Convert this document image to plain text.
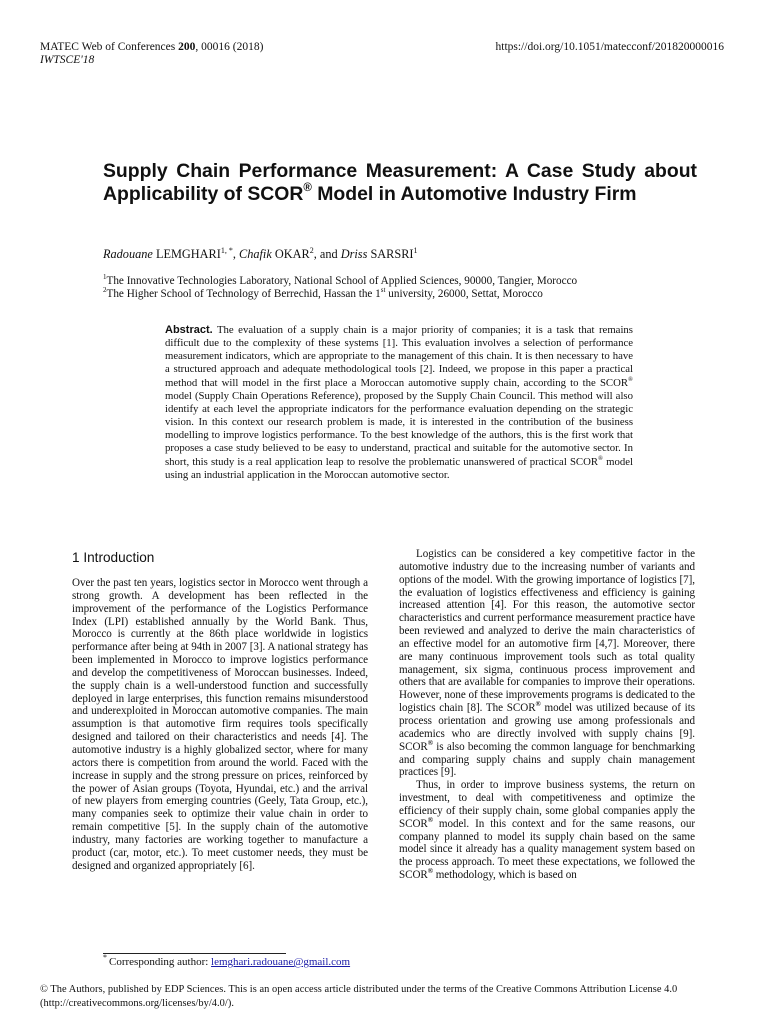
MATEC Web of Conferences 200, 00016 (2018)
IWTSCE'18
https://doi.org/10.1051/matecconf/201820000016
Supply Chain Performance Measurement: A Case Study about Applicability of SCOR® Model in Automotive Industry Firm
Radouane $LEMGHARI^{1, *}$, Chafik OKAR$^2$, and Driss SARSRI$^1$
$^1$The Innovative Technologies Laboratory, National School of Applied Sciences, 90000, Tangier, Morocco
$^2$The Higher School of Technology of Berrechid, Hassan the 1st university, 26000, Settat, Morocco

Abstract. The evaluation of a supply chain is a major priority of companies; it is a task that remains difficult due to the complexity of these systems [1]. This evaluation involves a selection of performance measurement indicators, which are appropriate to the management of this chain. It is then necessary to have a structured approach and adequate methodological tools [2]. Indeed, we propose in this paper a practical method that will model in the first place a Moroccan automotive supply chain, according to the SCOR® model (Supply Chain Operations Reference), proposed by the Supply Chain Council. This method will also identify at each level the appropriate indicators for the performance evaluation depending on the strategic vision. In this context our research problem is made, it is interested in the contribution of the business modelling to improve logistics performance. To the best knowledge of the authors, this is the first work that proposes a case study believed to be easy to understand, practical and suitable for the automotive sector. In short, this study is a real application leap to resolve the problematic unanswered of practical SCOR® model using an industrial application in the Moroccan automotive sector.

1 Introduction

Over the past ten years, logistics sector in Morocco went through a strong growth. A development has been reflected in the improvement of the performance of the Logistics Performance Index (LPI) established annually by the World Bank. Thus, Morocco is currently at the 86th place worldwide in logistics performance after being at 94th in 2007 [3]. A national strategy has been implemented in Morocco to improve logistics performance and develop the competitiveness of Moroccan businesses. Indeed, the supply chain is a well-understood function and successfully deployed in large enterprises, this function remains misunderstood and underexploited in Moroccan automotive companies. The main assumption is that automotive firm requires tools specifically designed and tailored on their characteristics and needs [4]. The automotive industry is a highly globalized sector, where for many actors there is competition from around the world. Faced with the increase in supply and the strong pressure on prices, reinforced by the power of Asian groups (Toyota, Hyundai, etc.) and the arrival of new players from emerging countries (Geely, Tata Group, etc.), many companies seek to optimize their value chain in order to remain competitive [5]. In the supply chain of the automotive industry, many factories are working together to manufacture a product (car, motor, etc.). To meet customer needs, they must be designed and organized appropriately [6].

Logistics can be considered a key competitive factor in the automotive industry due to the increasing number of variants and options of the model. With the growing importance of logistics [7], the evaluation of logistics effectiveness and efficiency is gaining increased attention [4]. For this reason, the automotive sector characteristics and current performance measurement practice have been reviewed and analyzed to derive the main characteristics of an effective model for an automotive firm [4,7]. Moreover, there are many continuous improvement tools such as total quality management, six sigma, continuous process improvement and others that are available for companies to improve their operations. However, none of these improvements programs is dedicated to the logistics chain [8]. The SCOR® model was utilized because of its process orientation and growing use among professionals and academics who are directly involved with supply chains [9]. SCOR® is also becoming the common language for benchmarking and comparing supply chains and supply chain management practices [9].

Thus, in order to improve business systems, the return on investment, to deal with competitiveness and optimize the efficiency of their supply chain, some global companies apply the SCOR® model. In this context and for the same reasons, our company planned to model its supply chain based on the same model since it already has a quality management system based on the process approach. To meet these expectations, we followed the SCOR® methodology, which is based on

* Corresponding author: lemghari.radouane@gmail.com

© The Authors, published by EDP Sciences. This is an open access article distributed under the terms of the Creative Commons Attribution License 4.0 (http://creativecommons.org/licenses/by/4.0/).
